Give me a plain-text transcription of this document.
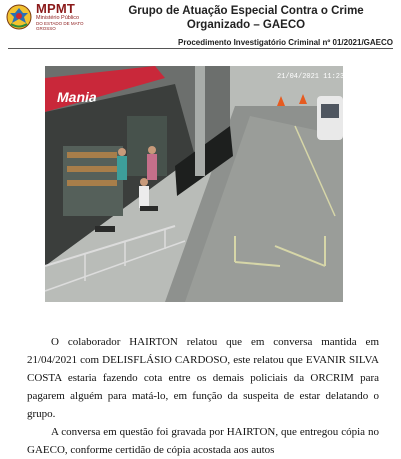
MPMT
Ministério Público
DO ESTADO DE MATO GROSSO
Grupo de Atuação Especial Contra o Crime Organizado – GAECO
Procedimento Investigatório Criminal nº 01/2021/GAECO
Mania
21/04/2021 11:23:22

O colaborador HAIRTON relatou que em conversa mantida em 21/04/2021 com DELISFLÁSIO CARDOSO, este relatou que EVANIR SILVA COSTA estaria fazendo cota entre os demais policiais da ORCRIM para pagarem alguém para matá-lo, em função da suspeita de estar delatando o grupo.

A conversa em questão foi gravada por HAIRTON, que entregou cópia no GAECO, conforme certidão de cópia acostada aos autos
